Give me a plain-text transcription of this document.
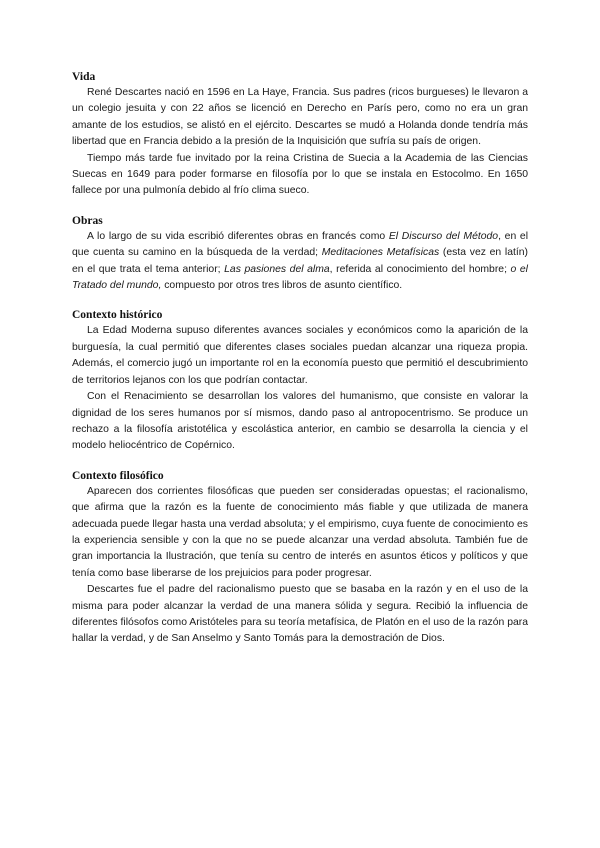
Vida

René Descartes nació en 1596 en La Haye, Francia. Sus padres (ricos burgueses) le llevaron a un colegio jesuita y con 22 años se licenció en Derecho en París pero, como no era un gran amante de los estudios, se alistó en el ejército. Descartes se mudó a Holanda donde tendría más libertad que en Francia debido a la presión de la Inquisición que sufría su país de origen.

Tiempo más tarde fue invitado por la reina Cristina de Suecia a la Academia de las Ciencias Suecas en 1649 para poder formarse en filosofía por lo que se instala en Estocolmo. En 1650 fallece por una pulmonía debido al frío clima sueco.

Obras

A lo largo de su vida escribió diferentes obras en francés como El Discurso del Método, en el que cuenta su camino en la búsqueda de la verdad; Meditaciones Metafísicas (esta vez en latín) en el que trata el tema anterior; Las pasiones del alma, referida al conocimiento del hombre; o el Tratado del mundo, compuesto por otros tres libros de asunto científico.

Contexto histórico

La Edad Moderna supuso diferentes avances sociales y económicos como la aparición de la burguesía, la cual permitió que diferentes clases sociales puedan alcanzar una riqueza propia. Además, el comercio jugó un importante rol en la economía puesto que permitió el descubrimiento de territorios lejanos con los que podrían contactar.

Con el Renacimiento se desarrollan los valores del humanismo, que consiste en valorar la dignidad de los seres humanos por sí mismos, dando paso al antropocentrismo. Se produce un rechazo a la filosofía aristotélica y escolástica anterior, en cambio se desarrolla la ciencia y el modelo heliocéntrico de Copérnico.

Contexto filosófico

Aparecen dos corrientes filosóficas que pueden ser consideradas opuestas; el racionalismo, que afirma que la razón es la fuente de conocimiento más fiable y que utilizada de manera adecuada puede llegar hasta una verdad absoluta; y el empirismo, cuya fuente de conocimiento es la experiencia sensible y con la que no se puede alcanzar una verdad absoluta. También fue de gran importancia la Ilustración, que tenía su centro de interés en asuntos éticos y políticos y que tenía como base liberarse de los prejuicios para poder progresar.

Descartes fue el padre del racionalismo puesto que se basaba en la razón y en el uso de la misma para poder alcanzar la verdad de una manera sólida y segura. Recibió la influencia de diferentes filósofos como Aristóteles para su teoría metafísica, de Platón en el uso de la razón para hallar la verdad, y de San Anselmo y Santo Tomás para la demostración de Dios.
